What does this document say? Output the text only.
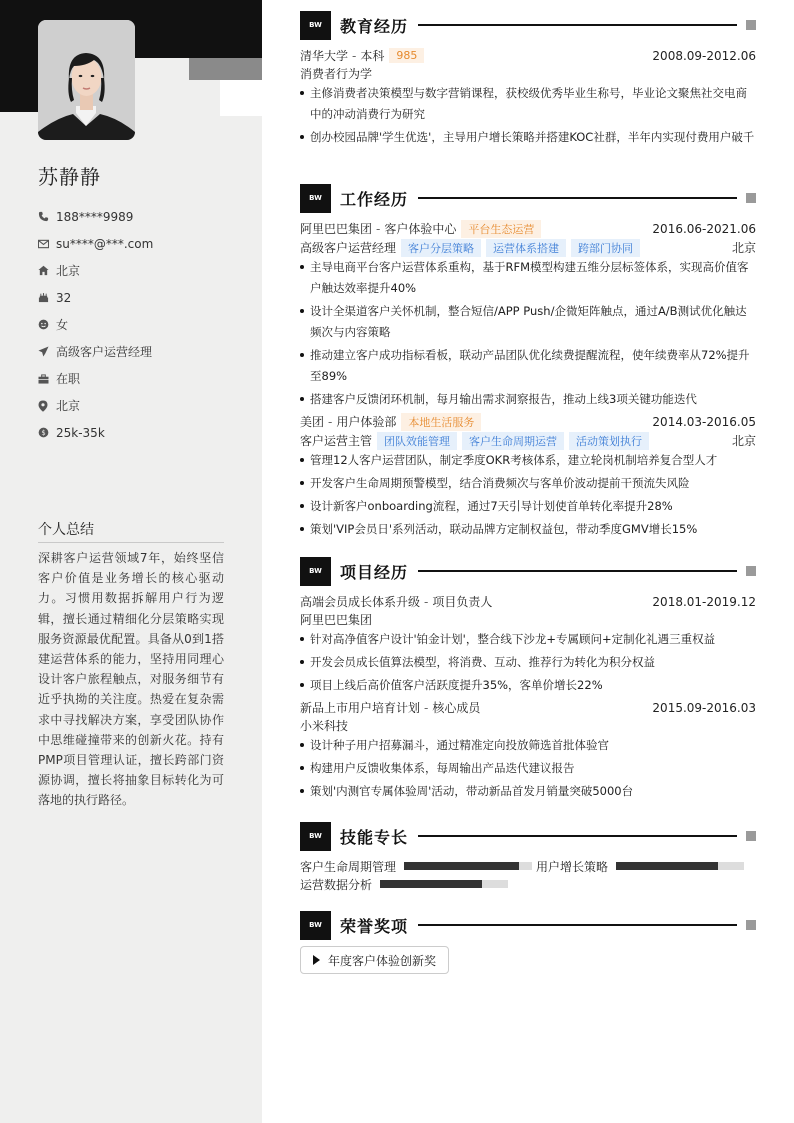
苏静静
188****9989
su****@***.com
北京
32
女
高级客户运营经理
在职
北京
$ 25k-35k
个人总结
深耕客户运营领域7年，始终坚信客户价值是业务增长的核心驱动力。习惯用数据拆解用户行为逻辑，擅长通过精细化分层策略实现服务资源最优配置。具备从0到1搭建运营体系的能力，坚持用同理心设计客户旅程触点，对服务细节有近乎执拗的关注度。热爱在复杂需求中寻找解决方案，享受团队协作中思维碰撞带来的创新火花。持有PMP项目管理认证，擅长跨部门资源协调，擅长将抽象目标转化为可落地的执行路径。
BW	教育经历
清华大学 - 本科	985	2008.09-2012.06
消费者行为学
主修消费者决策模型与数字营销课程，获校级优秀毕业生称号，毕业论文聚焦社交电商中的冲动消费行为研究
创办校园品牌'学生优选'，主导用户增长策略并搭建KOC社群，半年内实现付费用户破千
BW	工作经历
阿里巴巴集团 - 客户体验中心	平台生态运营	2016.06-2021.06
高级客户运营经理	客户分层策略	运营体系搭建	跨部门协同	北京
主导电商平台客户运营体系重构，基于RFM模型构建五维分层标签体系，实现高价值客户触达效率提升40%
设计全渠道客户关怀机制，整合短信/APP Push/企微矩阵触点，通过A/B测试优化触达频次与内容策略
推动建立客户成功指标看板，联动产品团队优化续费提醒流程，使年续费率从72%提升至89%
搭建客户反馈闭环机制，每月输出需求洞察报告，推动上线3项关键功能迭代
美团 - 用户体验部	本地生活服务	2014.03-2016.05
客户运营主管	团队效能管理	客户生命周期运营	活动策划执行	北京
管理12人客户运营团队，制定季度OKR考核体系，建立轮岗机制培养复合型人才
开发客户生命周期预警模型，结合消费频次与客单价波动提前干预流失风险
设计新客户onboarding流程，通过7天引导计划使首单转化率提升28%
策划'VIP会员日'系列活动，联动品牌方定制权益包，带动季度GMV增长15%
BW	项目经历
高端会员成长体系升级 - 项目负责人	2018.01-2019.12
阿里巴巴集团
针对高净值客户设计'铂金计划'，整合线下沙龙+专属顾问+定制化礼遇三重权益
开发会员成长值算法模型，将消费、互动、推荐行为转化为积分权益
项目上线后高价值客户活跃度提升35%，客单价增长22%
新品上市用户培育计划 - 核心成员	2015.09-2016.03
小米科技
设计种子用户招募漏斗，通过精准定向投放筛选首批体验官
构建用户反馈收集体系，每周输出产品迭代建议报告
策划'内测官专属体验周'活动，带动新品首发月销量突破5000台
BW	技能专长
客户生命周期管理	用户增长策略
运营数据分析
BW	荣誉奖项
年度客户体验创新奖
